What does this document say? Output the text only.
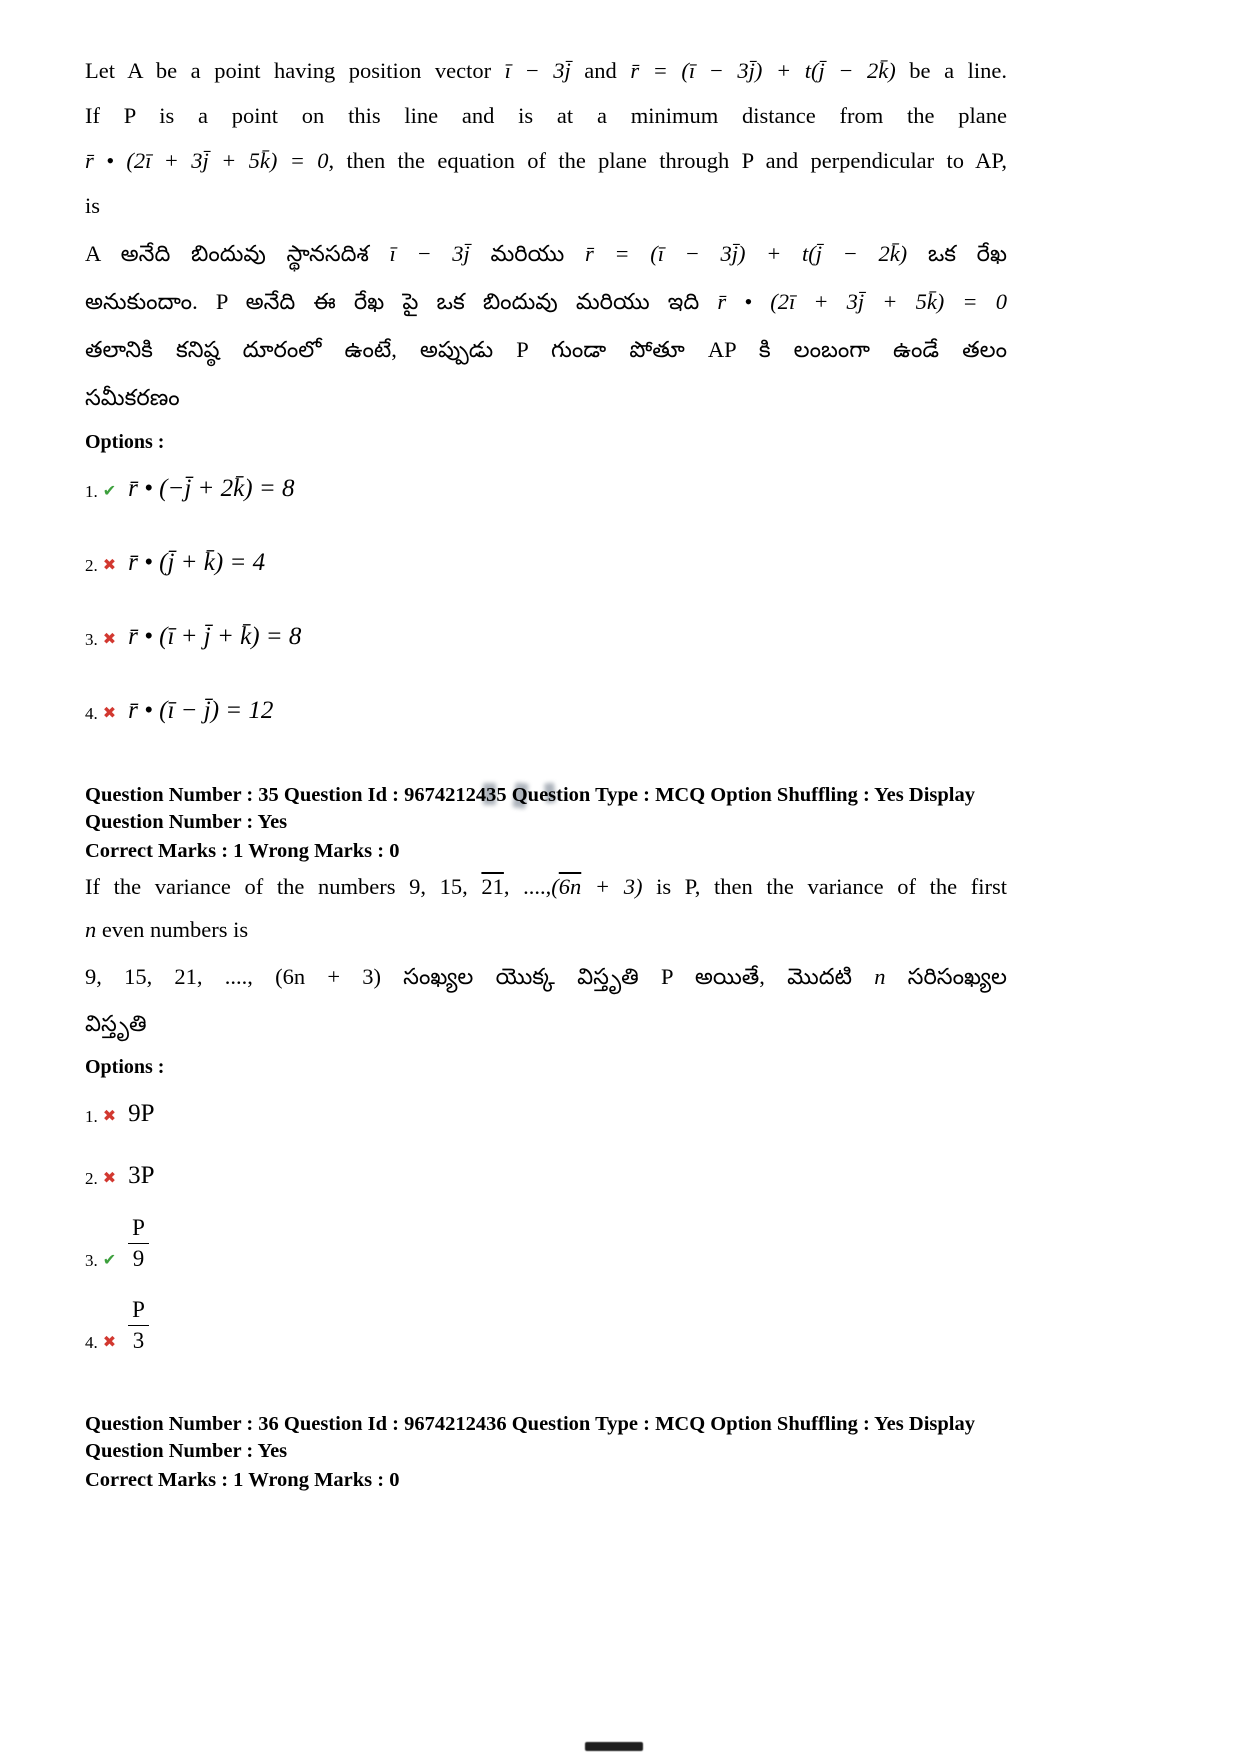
Let A be a point having position vector ī − 3j̄ and r̄ = (ī − 3j̄) + t(j̄ − 2k̄) be a line.
If P is a point on this line and is at a minimum distance from the plane
r̄ • (2ī + 3j̄ + 5k̄) = 0, then the equation of the plane through P and perpendicular to AP,
is
A అనేది బిందువు స్థానసదిశ ī − 3j̄ మరియు r̄ = (ī − 3j̄) + t(j̄ − 2k̄) ఒక రేఖ
అనుకుందాం. P అనేది ఈ రేఖ పై ఒక బిందువు మరియు ఇది r̄ • (2ī + 3j̄ + 5k̄) = 0
తలానికి కనిష్ఠ దూరంలో ఉంటే, అప్పుడు P గుండా పోతూ AP కి లంబంగా ఉండే తలం
సమీకరణం
Options :
1. ✔ r̄ • (−j̄ + 2k̄) = 8
2. ✖ r̄ • (j̄ + k̄) = 4
3. ✖ r̄ • (ī + j̄ + k̄) = 8
4. ✖ r̄ • (ī − j̄) = 12
Question Number : 35 Question Id : 9674212435 Question Type : MCQ Option Shuffling : Yes Display Question Number : Yes
Correct Marks : 1 Wrong Marks : 0
If the variance of the numbers 9, 15, 21, ....,(6n + 3) is P, then the variance of the first
n even numbers is
9, 15, 21, ...., (6n + 3) సంఖ్యల యొక్క విస్తృతి P అయితే, మొదటి n సరిసంఖ్యల
విస్తృతి
Options :
1. ✖ 9P
2. ✖ 3P
3. ✔ $\frac{P}{9}$
4. ✖ $\frac{P}{3}$
Question Number : 36 Question Id : 9674212436 Question Type : MCQ Option Shuffling : Yes Display Question Number : Yes
Correct Marks : 1 Wrong Marks : 0
